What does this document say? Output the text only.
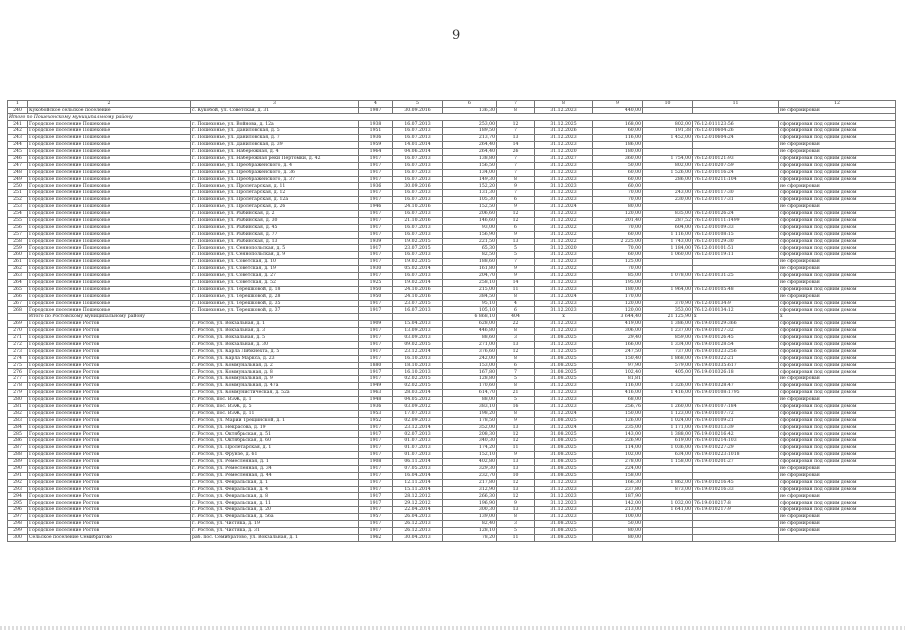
9
1	2	3	4	5	6	7	8	9	10	11	12
240	Кукобойское сельское поселение	с. Кукобой, ул. Советская, д. 31	1987	30.09.2016	136,30	8	31.12.2023	440,00			не сформирован
Итого по Пошехонскому муниципальному району											
241	Городское поселение Пошехонье	г. Пошехонье, ул. Войнова, д. 12а	1938	16.07.2013	253,00	12	31.12.2025	168,00	802,00	76:12:011123:56	сформирован под одним домом
242	Городское поселение Пошехонье	г. Пошехонье, ул. Даниловская, д. 5	1951	16.07.2013	189,50	7	31.12.2026	60,00	191,38	76:12:010604:26	сформирован под одним домом
243	Городское поселение Пошехонье	г. Пошехонье, ул. Даниловская, д. 7	1936	16.07.2013	213,70	13	31.12.2023	116,00	1 452,00	76:12:010604:24	сформирован под одним домом
244	Городское поселение Пошехонье	г. Пошехонье, ул. Даниловская, д. 39	1959	14.01.2014	264,40	14	31.12.2023	186,00			не сформирован
245	Городское поселение Пошехонье	г. Пошехонье, ул. Набережная, д. 4	1964	04.06.2014	264,40	26	31.12.2020	180,00			не сформирован
246	Городское поселение Пошехонье	г. Пошехонье, ул. Набережная реки Пертомки, д. 42	1917	16.07.2013	138,80	7	31.12.2027	360,00	1 754,00	76:12:010121:93	сформирован под одним домом
247	Городское поселение Пошехонье	г. Пошехонье, ул. Преображенского, д. 4	1917	16.07.2013	156,50	7	31.12.2023	50,00	802,00	76:12:010207:59	сформирован под одним домом
248	Городское поселение Пошехонье	г. Пошехонье, ул. Преображенского, д. 36	1917	16.07.2013	134,00	7	31.12.2023	60,00	1 526,00	76:12:010116:24	сформирован под одним домом
249	Городское поселение Пошехонье	г. Пошехонье, ул. Преображенского, д. 37	1917	16.07.2013	149,30	8	31.12.2023	60,00	286,00	76:12:010211:104	сформирован под одним домом
250	Городское поселение Пошехонье	г. Пошехонье, ул. Пролетарская, д. 11	1936	30.09.2016	152,20	9	31.12.2023	60,00			не сформирован
251	Городское поселение Пошехонье	г. Пошехонье, ул. Пролетарская, д. 12	1917	16.07.2013	131,30	7	31.12.2023	70,00	243,00	76:12:010117:30	сформирован под одним домом
252	Городское поселение Пошехонье	г. Пошехонье, ул. Пролетарская, д. 12а	1917	16.07.2013	105,30	6	31.12.2023	70,00	230,00	76:12:010117:31	сформирован под одним домом
253	Городское поселение Пошехонье	г. Пошехонье, ул. Пролетарская, д. 26	1946	24.10.2016	152,50	9	31.12.2024	80,00			не сформирован
254	Городское поселение Пошехонье	г. Пошехонье, ул. Рыбинская, д. 2	1917	16.07.2013	206,60	12	31.12.2023	120,00	835,00	76:12:010126:24	сформирован под одним домом
255	Городское поселение Пошехонье	г. Пошехонье, ул. Рыбинская, д. 30	1917	21.10.2016	146,60	12	31.12.2022	201,40	287,52	76:12:010111:1499	сформирован под одним домом
256	Городское поселение Пошехонье	г. Пошехонье, ул. Рыбинская, д. 45	1917	16.07.2013	93,00	6	31.12.2022	70,00	604,00	76:12:010109:33	сформирован под одним домом
257	Городское поселение Пошехонье	г. Пошехонье, ул. Рыбинская, д. 77	1917	16.07.2013	156,90	9	31.12.2022	60,00	1 116,00	76:12:010108:15	сформирован под одним домом
258	Городское поселение Пошехонье	г. Пошехонье, ул. Рыбинская, д. 13	1939	19.02.2015	221,50	13	31.12.2022	2 225,00	1 743,00	76:12:010129:30	сформирован под одним домом
259	Городское поселение Пошехонье	г. Пошехонье, ул. Сеннопольская, д. 5	1917	23.07.2015	65,30	5	31.12.2020	70,00	1 184,00	76:12:010101:51	сформирован под одним домом
260	Городское поселение Пошехонье	г. Пошехонье, ул. Сеннопольская, д. 9	1917	16.07.2013	82,50	5	31.12.2023	60,00	1 060,00	76:12:010119:11	сформирован под одним домом
261	Городское поселение Пошехонье	г. Пошехонье, ул. Советская, д. 10	1917	19.02.2015	188,60	7	31.12.2023	125,00			не сформирован
262	Городское поселение Пошехонье	г. Пошехонье, ул. Советская, д. 19	1930	05.02.2014	161,80	9	31.12.2022	70,00			не сформирован
263	Городское поселение Пошехонье	г. Пошехонье, ул. Советская, д. 27	1917	16.07.2013	204,70	9	31.12.2023	85,00	1 078,00	76:12:010131:25	сформирован под одним домом
264	Городское поселение Пошехонье	г. Пошехонье, ул. Советская, д. 52	1925	19.02.2014	258,10	14	31.12.2023	195,00			не сформирован
265	Городское поселение Пошехонье	г. Пошехонье, ул. Терешковой, д. 18	1950	24.10.2016	215,00	11	31.12.2023	180,00	1 964,00	76:12:010105:48	сформирован под одним домом
266	Городское поселение Пошехонье	г. Пошехонье, ул. Терешковой, д. 28	1950	24.10.2016	384,50	8	31.12.2024	170,00			не сформирован
267	Городское поселение Пошехонье	г. Пошехонье, ул. Терешковой, д. 35	1917	23.07.2015	95,10	4	31.12.2023	120,00	370,90	76:12:010134:9	сформирован под одним домом
268	Городское поселение Пошехонье	г. Пошехонье, ул. Терешковой, д. 37	1917	16.07.2013	105,10	6	31.12.2023	120,00	353,00	76:12:010134:12	сформирован под одним домом
	Итого по Ростовскому муниципальному району				6 868,10	404	x	3 644,40	21 125,90	x	x
269	Городское поселение Ростов	г. Ростов, ул. Вокзальная, д. 1	1909	15.04.2013	628,00	22	31.12.2023	419,00	1 386,00	76:19:010129:366	сформирован под одним домом
270	Городское поселение Ростов	г. Ростов, ул. Вокзальная, д. 3	1917	13.09.2013	446,80	8	31.12.2023	306,00	1 237,00	76:19:010127:32	сформирован под одним домом
271	Городское поселение Ростов	г. Ростов, ул. Вокзальная, д. 5	1917	03.09.2013	88,60	3	31.08.2025	29,40	859,00	76:19:010126:45	сформирован под одним домом
272	Городское поселение Ростов	г. Ростов, ул. Вокзальная, д. 30	1917	09.02.2015	271,00	13	31.12.2023	166,00	1 334,00	76:19:010128:54	сформирован под одним домом
273	Городское поселение Ростов	г. Ростов, ул. Карла Либкнехта, д. 5	1917	23.12.2014	376,60	12	31.12.2025	247,50	737,00	76:19:010323:256	сформирован под одним домом
274	Городское поселение Ростов	г. Ростов, ул. Карла Маркса, д. 23	1917	16.10.2013	242,00	8	31.08.2025	150,40	1 868,00	76:19:010322:21	сформирован под одним домом
275	Городское поселение Ростов	г. Ростов, ул. Коммунальная, д. 2	1880	18.10.2013	153,00	6	31.08.2025	97,90	579,00	76:19:010335:617	сформирован под одним домом
276	Городское поселение Ростов	г. Ростов, ул. Коммунальная, д. 8	1917	16.10.2013	167,80	7	31.08.2025	102,40	405,00	76:19:010326:18	сформирован под одним домом
277	Городское поселение Ростов	г. Ростов, ул. Коммунальная, д. 9	1917	02.02.2015	128,80	5	31.08.2025	81,81			не сформирован
278	Городское поселение Ростов	г. Ростов, ул. Коммунальная, д. 47а	1949	02.02.2015	170,60	8	31.12.2023	116,00	1 326,00	76:19:010328:47	сформирован под одним домом
279	Городское поселение Ростов	г. Ростов, ул. Коммунистическая, д. 52а	1963	28.03.2014	614,70	21	31.12.2023	416,00	1 416,00	76:19:010108:1795	сформирован под одним домом
280	Городское поселение Ростов	г. Ростов, пос. ВЭЖ, д. 1	1948	04.05.2012	88,00	5	31.12.2023	68,00			не сформирован
281	Городское поселение Ростов	г. Ростов, пос. ВЭЖ, д. 5	1936	03.09.2012	383,10	16	31.12.2023	256,76	1 260,00	76:19:010107:184	сформирован под одним домом
282	Городское поселение Ростов	г. Ростов, пос. ВЭЖ, д. 11	1953	17.07.2013	198,20	8	31.12.2024	150,00	1 123,00	76:19:010107:72	сформирован под одним домом
283	Городское поселение Ростов	г. Ростов, ул. Марии Трещинской, д. 1	1952	02.09.2013	178,50	9	31.08.2025	126,00	1 024,00	76:19:010109:21	сформирован под одним домом
284	Городское поселение Ростов	г. Ростов, ул. Некрасова, д. 19	1917	23.12.2014	352,00	13	31.12.2024	235,00	1 171,00	76:19:010313:39	сформирован под одним домом
285	Городское поселение Ростов	г. Ростов, ул. Октябрьская, д. 51	1917	02.07.2013	208,30	12	31.08.2025	143,00	1 388,00	76:19:010216:42	сформирован под одним домом
286	Городское поселение Ростов	г. Ростов, ул. Октябрьская, д. 60	1917	01.07.2013	340,30	12	31.08.2025	226,90	619,00	76:19:010214:103	сформирован под одним домом
287	Городское поселение Ростов	г. Ростов, ул. Пролетарская, д. 1	1917	01.07.2013	174,20	11	31.08.2025	114,00	1 036,00	76:19:010227:29	сформирован под одним домом
288	Городское поселение Ростов	г. Ростов, ул. Фрунзе, д. 61	1917	01.07.2013	152,10	9	31.08.2025	102,00	634,00	76:19:010223:1018	сформирован под одним домом
289	Городское поселение Ростов	г. Ростов, ул. Ремесленная, д. 1	1908	06.11.2014	402,80	13	31.08.2025	278,00	1 158,00	76:19:010201:27	сформирован под одним домом
290	Городское поселение Ростов	г. Ростов, ул. Ремесленная, д. 34	1917	07.05.2013	329,30	13	31.08.2025	224,00			не сформирован
291	Городское поселение Ростов	г. Ростов, ул. Ремесленная, д. 44	1917	16.04.2014	232,70	10	31.08.2025	158,00			не сформирован
292	Городское поселение Ростов	г. Ростов, ул. Февральская, д. 1	1917	12.11.2014	217,80	12	31.12.2023	166,30	1 862,00	76:19:010216:45	сформирован под одним домом
293	Городское поселение Ростов	г. Ростов, ул. Февральская, д. 4	1917	15.11.2014	312,90	13	31.12.2023	237,80	873,00	76:19:010216:33	сформирован под одним домом
294	Городское поселение Ростов	г. Ростов, ул. Февральская, д. 8	1917	28.12.2012	266,30	12	31.12.2023	187,90			не сформирован
295	Городское поселение Ростов	г. Ростов, ул. Февральская, д. 11	1917	29.12.2012	196,90	9	31.12.2023	142,00	1 032,00	76:19:010217:8	сформирован под одним домом
296	Городское поселение Ростов	г. Ростов, ул. Февральская, д. 20	1917	22.04.2014	300,30	13	31.12.2023	213,00	1 641,00	76:19:010217:9	сформирован под одним домом
297	Городское поселение Ростов	г. Ростов, ул. Февральская, д. 56а	1957	26.04.2013	139,00	8	31.12.2023	100,00			не сформирован
298	Городское поселение Ростов	г. Ростов, ул. Чистяка, д. 19	1917	26.12.2013	82,40	3	31.08.2025	50,00			не сформирован
299	Городское поселение Ростов	г. Ростов, ул. Чистяка, д. 31	1917	26.12.2013	128,10	5	31.08.2025	80,00			не сформирован
300	Сельское поселение Семибратово	раб. пос. Семибратово, ул. Вокзальная, д. 1	1962	30.04.2013	78,20	11	31.08.2025	80,00			
